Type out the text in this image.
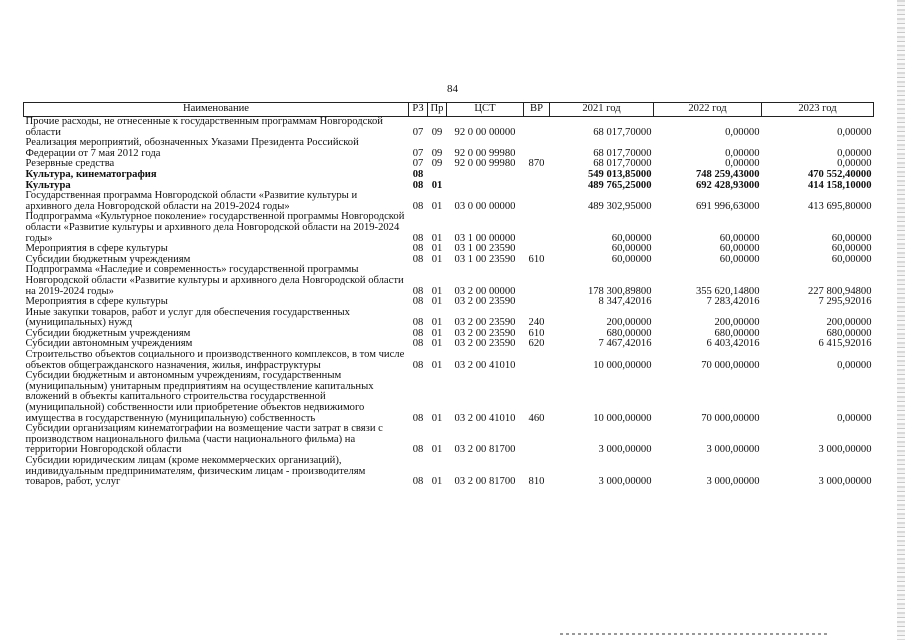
84
Наименование	РЗ	Пр	ЦСТ	ВР	2021 год	2022 год	2023 год
Прочие расходы, не отнесенные к государственным программам Новгородской области	07	09	92 0 00 00000		68 017,70000	0,00000	0,00000
Реализация мероприятий, обозначенных Указами Президента Российской Федерации от 7 мая 2012 года	07	09	92 0 00 99980		68 017,70000	0,00000	0,00000
Резервные средства	07	09	92 0 00 99980	870	68 017,70000	0,00000	0,00000
Культура, кинематография	08				549 013,85000	748 259,43000	470 552,40000
Культура	08	01			489 765,25000	692 428,93000	414 158,10000
Государственная программа Новгородской области «Развитие культуры и архивного дела Новгородской области на 2019-2024 годы»	08	01	03 0 00 00000		489 302,95000	691 996,63000	413 695,80000
Подпрограмма «Культурное поколение» государственной программы Новгородской области «Развитие культуры и архивного дела Новгородской области на 2019-2024 годы»	08	01	03 1 00 00000		60,00000	60,00000	60,00000
Мероприятия в сфере культуры	08	01	03 1 00 23590		60,00000	60,00000	60,00000
Субсидии бюджетным учреждениям	08	01	03 1 00 23590	610	60,00000	60,00000	60,00000
Подпрограмма «Наследие и современность» государственной программы Новгородской области «Развитие культуры и архивного дела Новгородской области на 2019-2024 годы»	08	01	03 2 00 00000		178 300,89800	355 620,14800	227 800,94800
Мероприятия в сфере культуры	08	01	03 2 00 23590		8 347,42016	7 283,42016	7 295,92016
Иные закупки товаров, работ и услуг для обеспечения государственных (муниципальных) нужд	08	01	03 2 00 23590	240	200,00000	200,00000	200,00000
Субсидии бюджетным учреждениям	08	01	03 2 00 23590	610	680,00000	680,00000	680,00000
Субсидии автономным учреждениям	08	01	03 2 00 23590	620	7 467,42016	6 403,42016	6 415,92016
Строительство объектов социального и производственного комплексов, в том числе объектов общегражданского назначения, жилья, инфраструктуры	08	01	03 2 00 41010		10 000,00000	70 000,00000	0,00000
Субсидии бюджетным и автономным учреждениям, государственным (муниципальным) унитарным предприятиям на осуществление капитальных вложений в объекты капитального строительства государственной (муниципальной) собственности или приобретение объектов недвижимого имущества в государственную (муниципальную) собственность	08	01	03 2 00 41010	460	10 000,00000	70 000,00000	0,00000
Субсидии организациям кинематографии на возмещение части затрат в связи с производством национального фильма (части национального фильма) на территории Новгородской области	08	01	03 2 00 81700		3 000,00000	3 000,00000	3 000,00000
Субсидии юридическим лицам (кроме некоммерческих организаций), индивидуальным предпринимателям, физическим лицам - производителям товаров, работ, услуг	08	01	03 2 00 81700	810	3 000,00000	3 000,00000	3 000,00000
